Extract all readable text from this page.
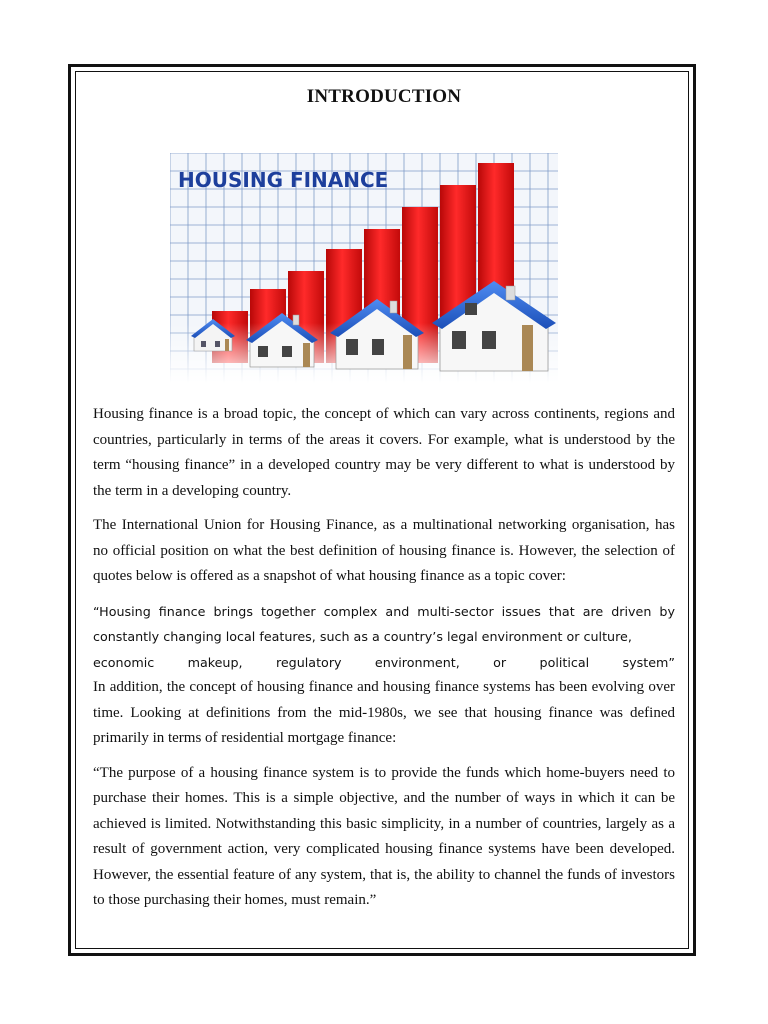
INTRODUCTION
HOUSING FINANCE

Housing finance is a broad topic, the concept of which can vary across continents, regions and countries, particularly in terms of the areas it covers. For example, what is understood by the term “housing finance” in a developed country may be very different to what is understood by the term in a developing country.

The International Union for Housing Finance, as a multinational networking organisation, has no official position on what the best definition of housing finance is. However, the selection of quotes below is offered as a snapshot of what housing finance as a topic cover:

“Housing finance brings together complex and multi-sector issues that are driven by constantly changing local features, such as a country’s legal environment or culture,
economic makeup, regulatory environment, or political system”

In addition, the concept of housing finance and housing finance systems has been evolving over time. Looking at definitions from the mid-1980s, we see that housing finance was defined primarily in terms of residential mortgage finance:

“The purpose of a housing finance system is to provide the funds which home-buyers need to purchase their homes. This is a simple objective, and the number of ways in which it can be achieved is limited. Notwithstanding this basic simplicity, in a number of countries, largely as a result of government action, very complicated housing finance systems have been developed. However, the essential feature of any system, that is, the ability to channel the funds of investors to those purchasing their homes, must remain.”
